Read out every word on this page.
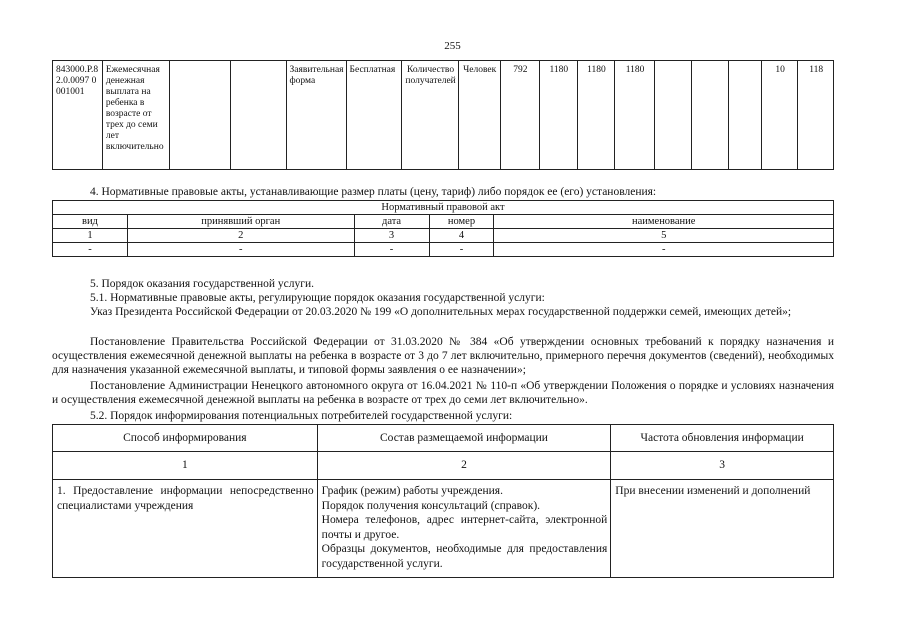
255
843000.Р.82.0.0097 0001001	Ежемесячная денежная выплата на ребенка в возрасте от трех до семи лет включительно			Заявительная форма	Бесплатная	Количество получателей	Человек	792	1180	1180	1180				10	118
4. Нормативные правовые акты, устанавливающие размер платы (цену, тариф) либо порядок ее (его) установления:
Нормативный правовой акт				
вид	принявший орган	дата	номер	наименование
1	2	3	4	5
-	-	-	-	-
5. Порядок оказания государственной услуги.
5.1. Нормативные правовые акты, регулирующие порядок оказания государственной услуги:
Указ Президента Российской Федерации от 20.03.2020 № 199 «О дополнительных мерах государственной поддержки семей, имеющих детей»;
Постановление Правительства Российской Федерации от 31.03.2020 № 384 «Об утверждении основных требований к порядку назначения и осуществления ежемесячной денежной выплаты на ребенка в возрасте от 3 до 7 лет включительно, примерного перечня документов (сведений), необходимых для назначения указанной ежемесячной выплаты, и типовой формы заявления о ее назначении»;
Постановление Администрации Ненецкого автономного округа от 16.04.2021 № 110-п «Об утверждении Положения о порядке и условиях назначения и осуществления ежемесячной денежной выплаты на ребенка в возрасте от трех до семи лет включительно».
5.2. Порядок информирования потенциальных потребителей государственной услуги:
Способ информирования	Состав размещаемой информации	Частота обновления информации
1	2	3
1. Предоставление информации непосредственно специалистами учреждения	График (режим) работы учреждения.
Порядок получения консультаций (справок).
Номера телефонов, адрес интернет-сайта, электронной почты и другое.
Образцы документов, необходимые для предоставления государственной услуги.	При внесении изменений и дополнений
